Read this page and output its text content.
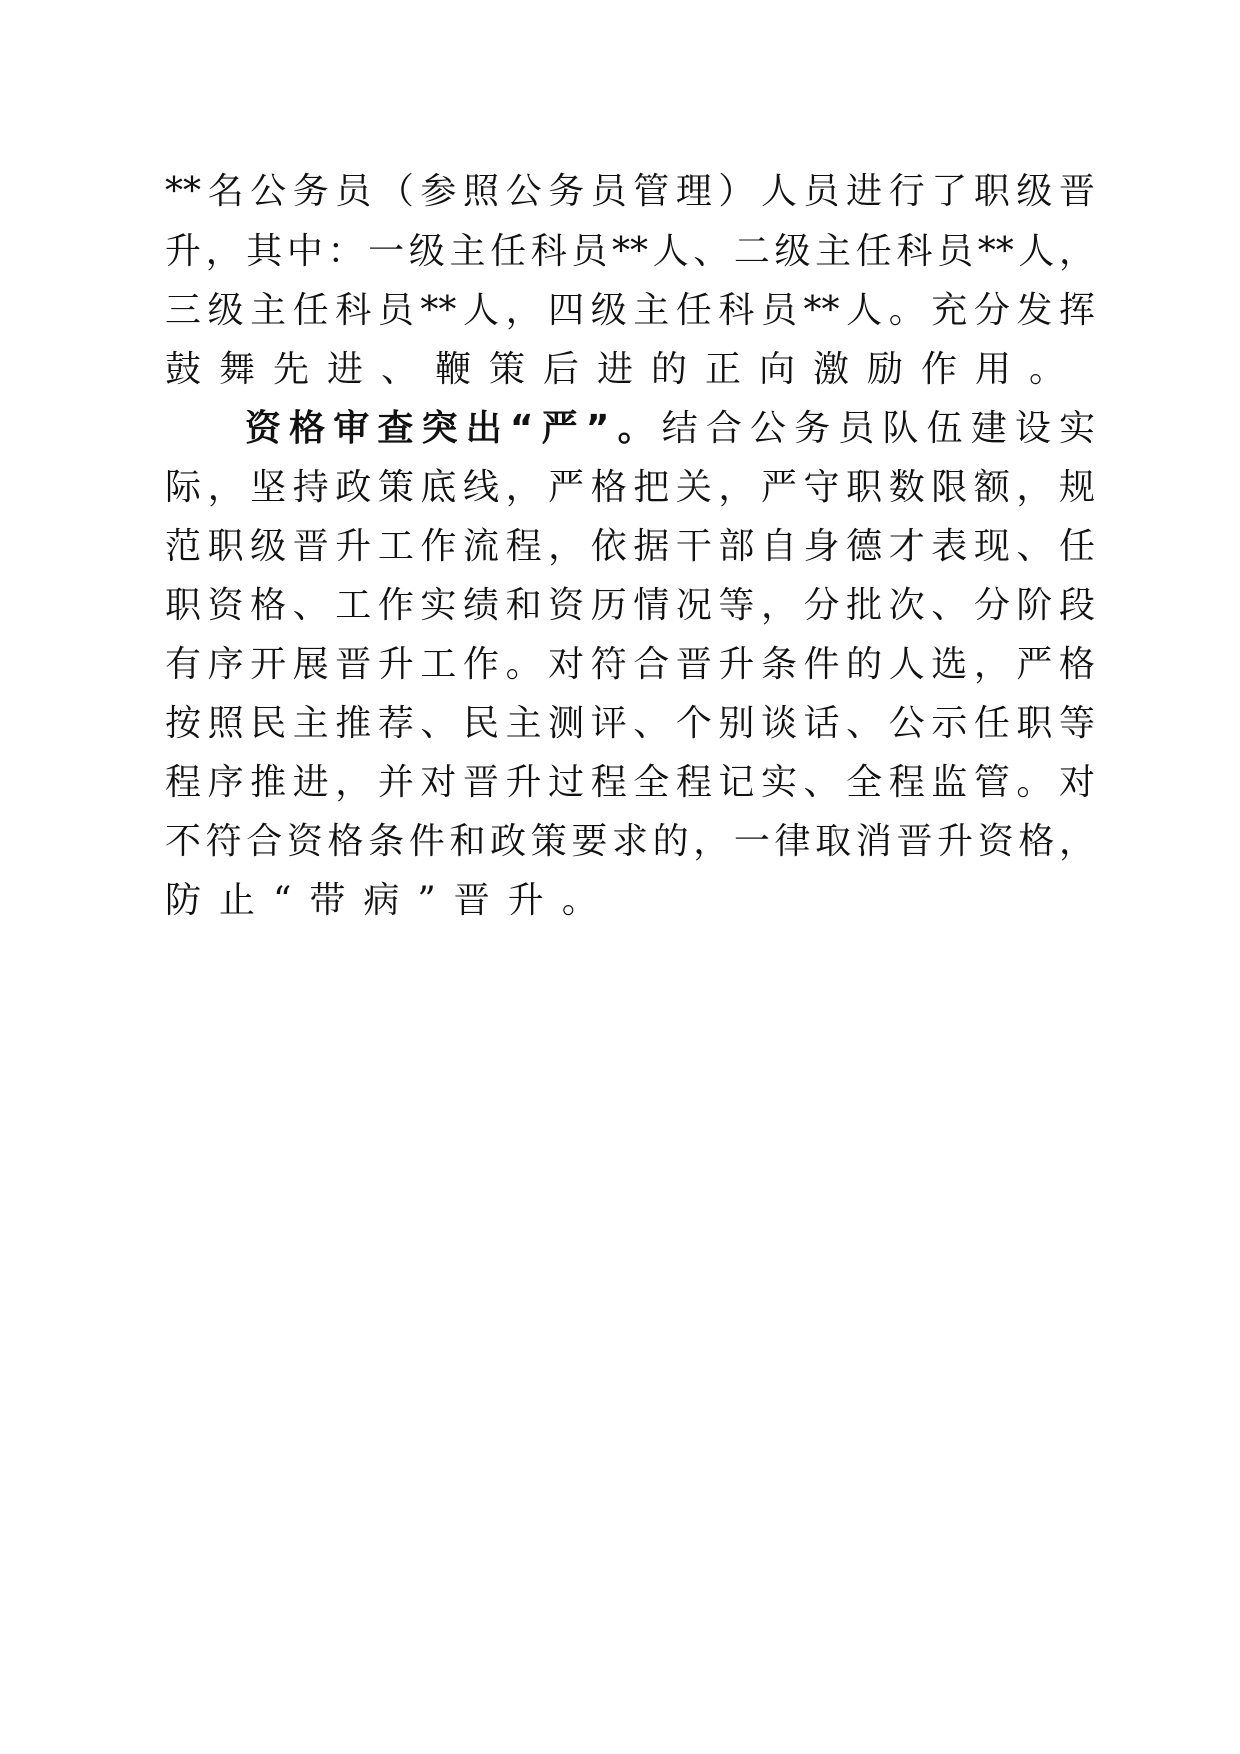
**名公务员（参照公务员管理）人员进行了职级晋
升，其中：一级主任科员**人、二级主任科员**人，
三级主任科员**人，四级主任科员**人。充分发挥
鼓舞先进、鞭策后进的正向激励作用。
资格审查突出“严”。结合公务员队伍建设实
际，坚持政策底线，严格把关，严守职数限额，规
范职级晋升工作流程，依据干部自身德才表现、任
职资格、工作实绩和资历情况等，分批次、分阶段
有序开展晋升工作。对符合晋升条件的人选，严格
按照民主推荐、民主测评、个别谈话、公示任职等
程序推进，并对晋升过程全程记实、全程监管。对
不符合资格条件和政策要求的，一律取消晋升资格，
防止“带病”晋升。
